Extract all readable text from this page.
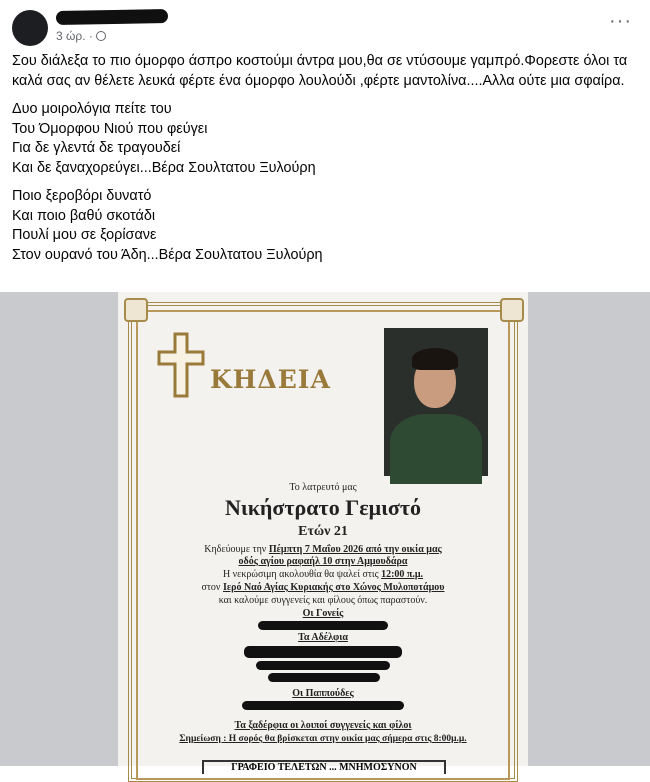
3 ώρ. ·
···

Σου διάλεξα το πιο όμορφο άσπρο κοστούμι άντρα μου,θα σε ντύσουμε γαμπρό.Φορεστε όλοι τα καλά σας αν θέλετε λευκά φέρτε ένα όμορφο λουλούδι ,φέρτε μαντολίνα....Αλλα ούτε μια σφαίρα.

Δυο μοιρολόγια πείτε του
Του Όμορφου Νιού που φεύγει
Για δε γλεντά δε τραγουδεί
Και δε ξαναχορεύγει...Βέρα Σουλτατου Ξυλούρη

Ποιο ξεροβόρι δυνατό
Και ποιο βαθύ σκοτάδι
Πουλί μου σε ξορίσανε
Στον ουρανό του Άδη...Βέρα Σουλτατου Ξυλούρη

ΚΗΔΕΙΑ
Το λατρευτό μας
Νικήστρατο Γεμιστό
Ετών 21
Κηδεύουμε την Πέμπτη 7 Μαΐου 2026 από την οικία μας
οδός αγίου ραφαήλ 10 στην Αμμουδάρα
Η νεκρώσιμη ακολουθία θα ψαλεί στις 12:00 π.μ.
στον Ιερό Ναό Αγίας Κυριακής στο Χώνος Μυλοποτάμου
και καλούμε συγγενείς και φίλους όπως παραστούν.
Οι Γονείς
Τα Αδέλφια
Οι Παππούδες
Τα ξαδέρφια οι λοιποί συγγενείς και φίλοι
Σημείωση : Η σορός θα βρίσκεται στην οικία μας σήμερα στις 8:00μ.μ.
ΓΡΑΦΕΙΟ ΤΕΛΕΤΩΝ ... ΜΝΗΜΟΣΥΝΟΝ
